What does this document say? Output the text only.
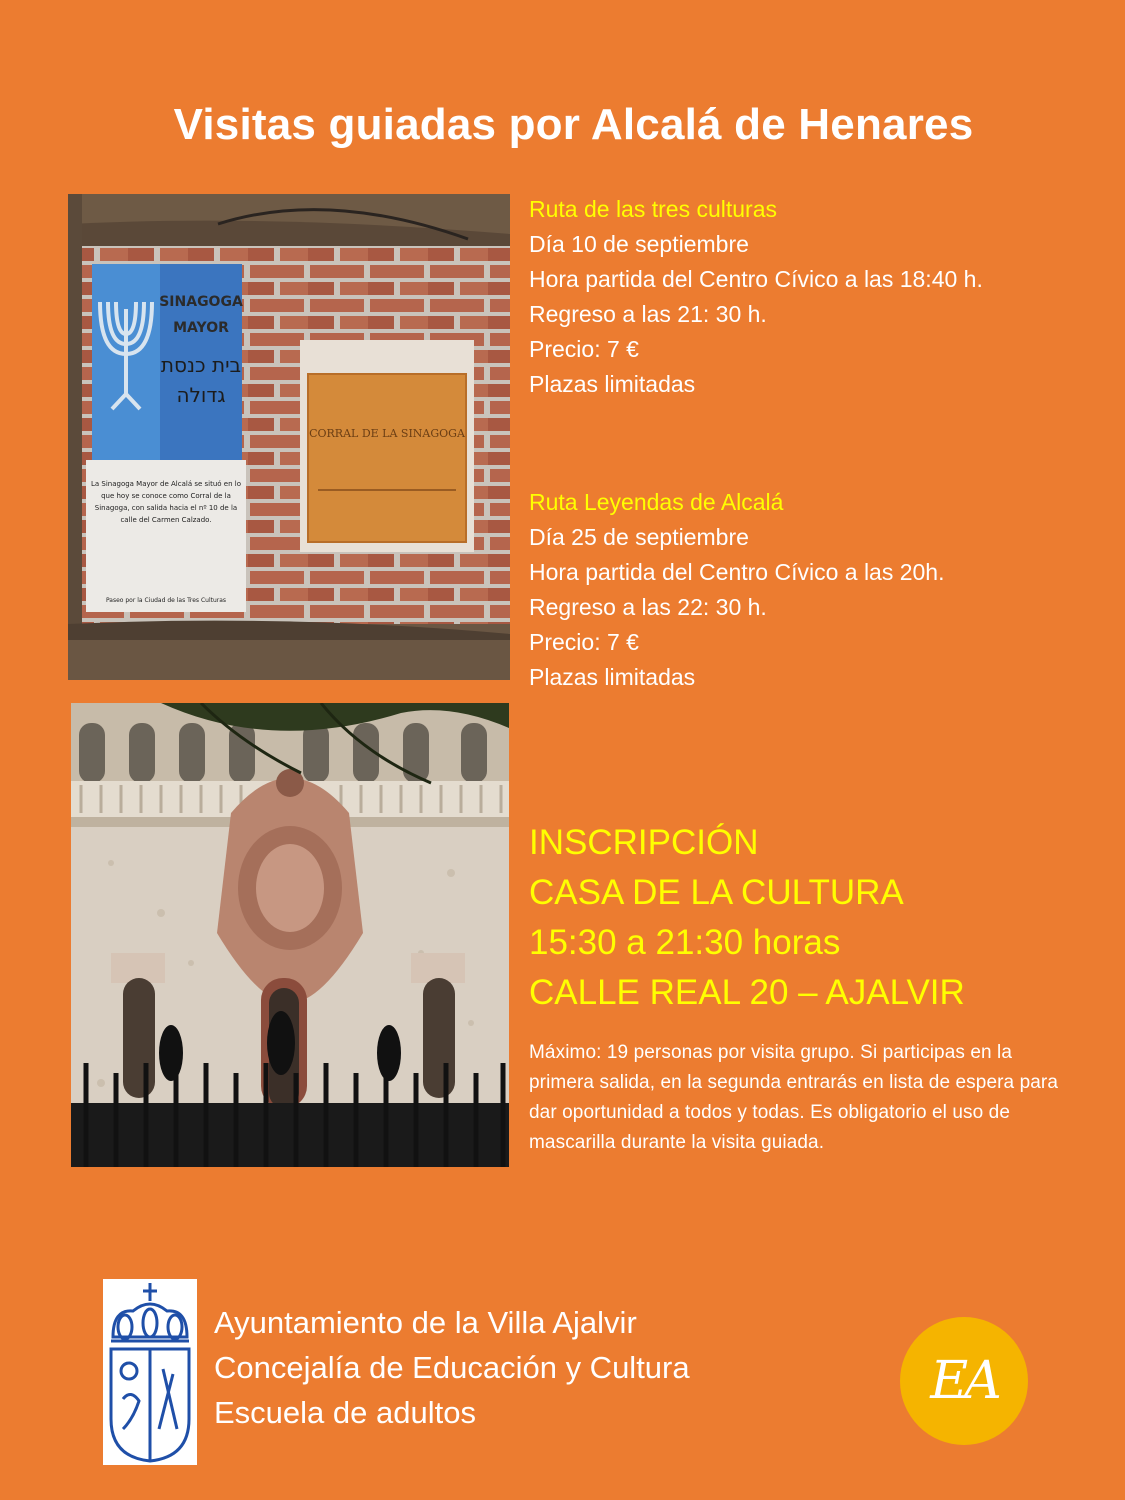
Visitas guiadas por Alcalá de Henares
SINAGOGA
MAYOR
בית כנסת
גדולה
La Sinagoga Mayor de Alcalá se situó en lo
que hoy se conoce como Corral de la
Sinagoga, con salida hacia el nº 10 de la
calle del Carmen Calzado.
Paseo por la Ciudad de las Tres Culturas
CORRAL DE LA SINAGOGA
Ruta de las tres culturas
Día 10 de septiembre
Hora partida del Centro Cívico a las 18:40 h.
Regreso a las 21: 30 h.
Precio: 7 €
Plazas limitadas
Ruta Leyendas de Alcalá
Día 25 de septiembre
Hora partida del Centro Cívico a las 20h.
Regreso a las 22: 30 h.
Precio: 7 €
Plazas limitadas
INSCRIPCIÓN
CASA DE LA CULTURA
15:30 a 21:30 horas
CALLE REAL 20 – AJALVIR
Máximo: 19 personas por visita grupo. Si participas en la primera salida, en la segunda entrarás en lista de espera para dar oportunidad a todos y todas. Es obligatorio el uso de mascarilla durante la visita guiada.
Ayuntamiento de la Villa Ajalvir
Concejalía de Educación y Cultura
Escuela de adultos
EA
